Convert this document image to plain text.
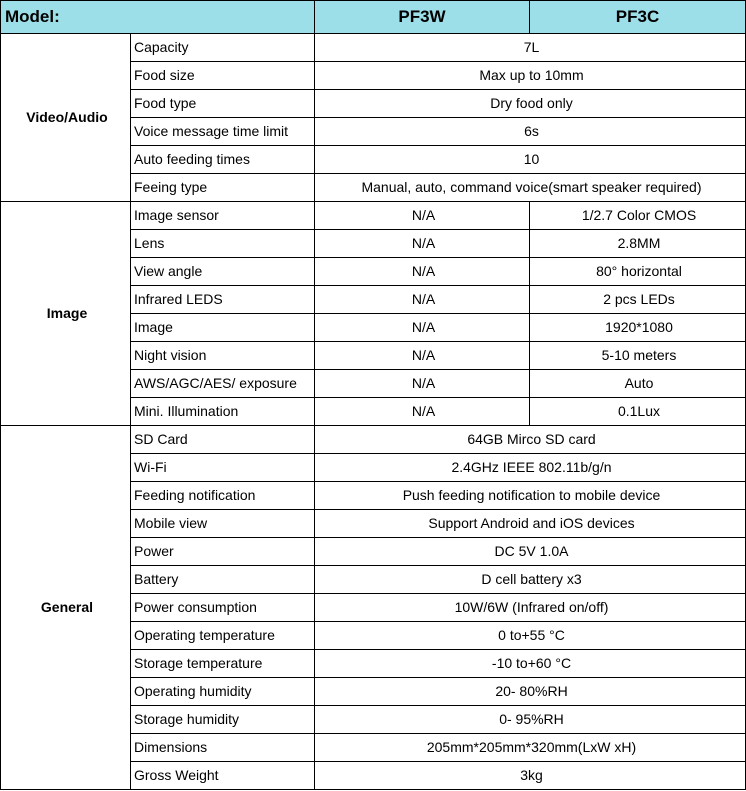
Model:		PF3W	PF3C
Video/Audio	Capacity	7L	
	Food size	Max up to 10mm	
	Food type	Dry food only	
	Voice message time limit	6s	
	Auto feeding times	10	
	Feeing type	Manual, auto, command voice(smart speaker required)	
Image	Image sensor	N/A	1/2.7 Color CMOS
	Lens	N/A	2.8MM
	View angle	N/A	80° horizontal
	Infrared LEDS	N/A	2 pcs LEDs
	Image	N/A	1920*1080
	Night vision	N/A	5-10 meters
	AWS/AGC/AES/ exposure	N/A	Auto
	Mini. Illumination	N/A	0.1Lux
General	SD Card	64GB Mirco SD card	
	Wi-Fi	2.4GHz IEEE 802.11b/g/n	
	Feeding notification	Push feeding notification to mobile device	
	Mobile view	Support Android and iOS devices	
	Power	DC 5V 1.0A	
	Battery	D cell battery x3	
	Power consumption	10W/6W (Infrared on/off)	
	Operating temperature	0 to+55 °C	
	Storage temperature	-10 to+60 °C	
	Operating humidity	20- 80%RH	
	Storage humidity	0- 95%RH	
	Dimensions	205mm*205mm*320mm(LxW xH)	
	Gross Weight	3kg	
